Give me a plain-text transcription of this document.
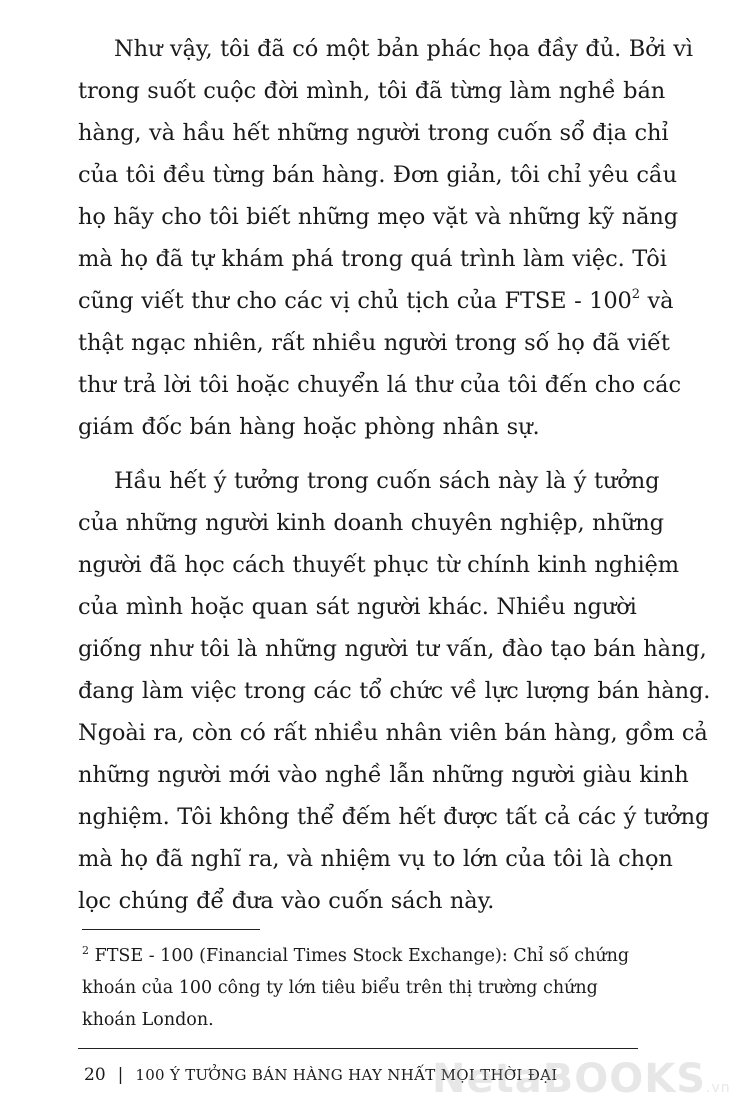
Như vậy, tôi đã có một bản phác họa đầy đủ. Bởi vì
trong suốt cuộc đời mình, tôi đã từng làm nghề bán
hàng, và hầu hết những người trong cuốn sổ địa chỉ
của tôi đều từng bán hàng. Đơn giản, tôi chỉ yêu cầu
họ hãy cho tôi biết những mẹo vặt và những kỹ năng
mà họ đã tự khám phá trong quá trình làm việc. Tôi
cũng viết thư cho các vị chủ tịch của FTSE - $100^2$ và
thật ngạc nhiên, rất nhiều người trong số họ đã viết
thư trả lời tôi hoặc chuyển lá thư của tôi đến cho các
giám đốc bán hàng hoặc phòng nhân sự.

Hầu hết ý tưởng trong cuốn sách này là ý tưởng
của những người kinh doanh chuyên nghiệp, những
người đã học cách thuyết phục từ chính kinh nghiệm
của mình hoặc quan sát người khác. Nhiều người
giống như tôi là những người tư vấn, đào tạo bán hàng,
đang làm việc trong các tổ chức về lực lượng bán hàng.
Ngoài ra, còn có rất nhiều nhân viên bán hàng, gồm cả
những người mới vào nghề lẫn những người giàu kinh
nghiệm. Tôi không thể đếm hết được tất cả các ý tưởng
mà họ đã nghĩ ra, và nhiệm vụ to lớn của tôi là chọn
lọc chúng để đưa vào cuốn sách này.

$^2$ FTSE - 100 (Financial Times Stock Exchange): Chỉ số chứng
khoán của 100 công ty lớn tiêu biểu trên thị trường chứng
khoán London.
20 | 100 Ý TƯỞNG BÁN HÀNG HAY NHẤT MỌI THỜI ĐẠI
NetaBOOKS.vn
